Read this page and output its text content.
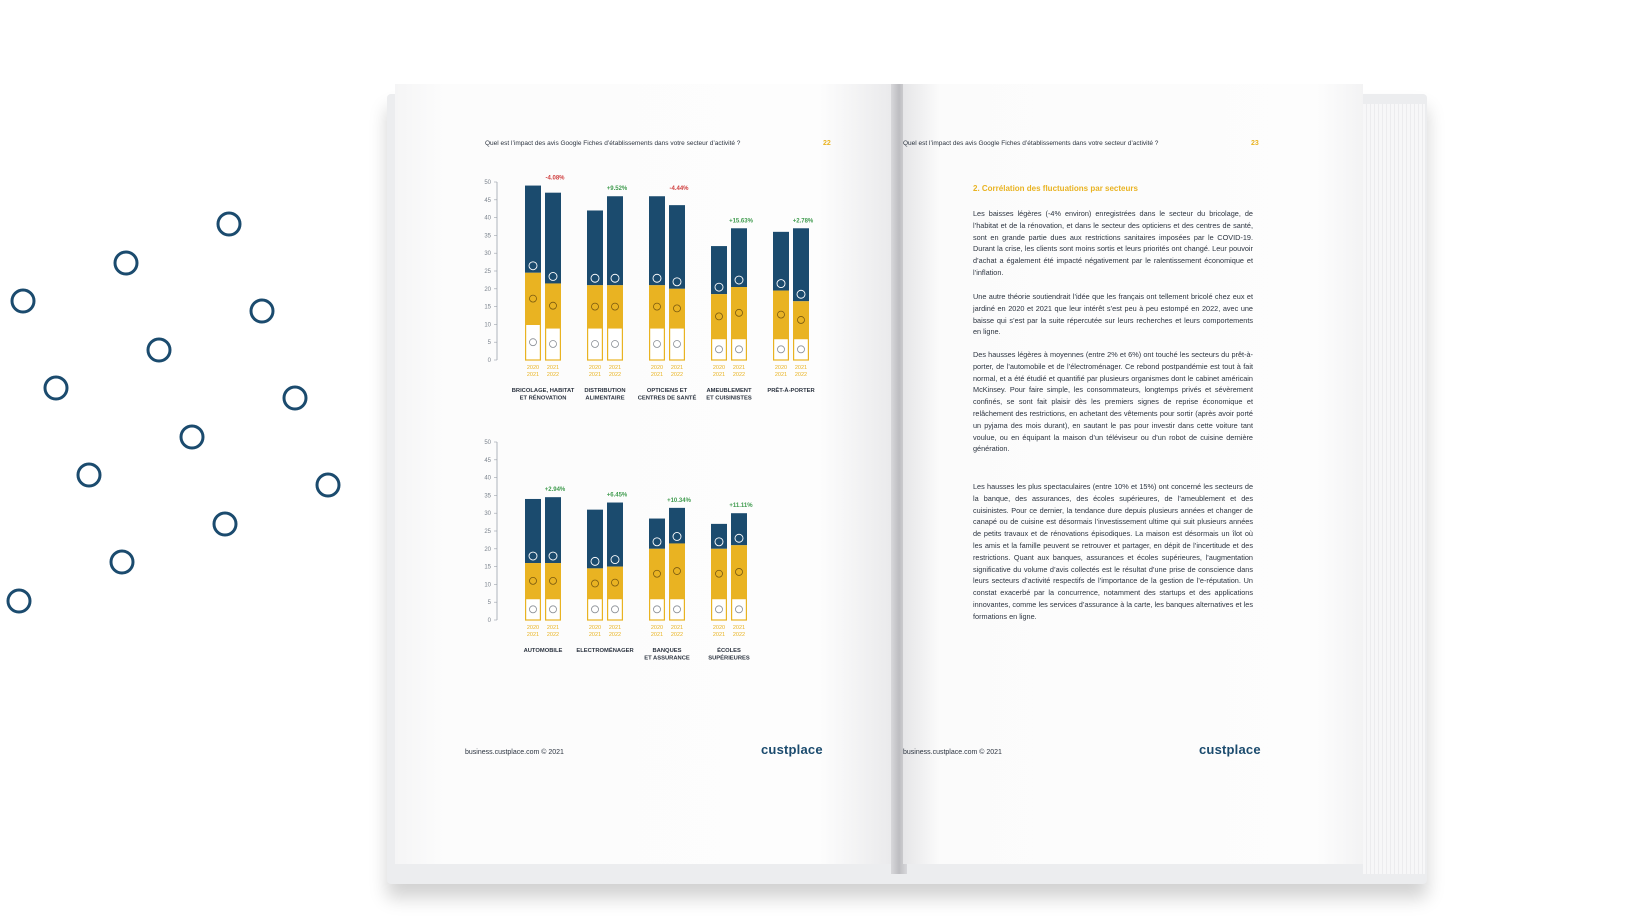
Quel est l’impact des avis Google Fiches d’établissements dans votre secteur d’activité ?	22
0
5
10
15
20
25
30
35
40
45
50
2020
2021
2021
2022
-4.08%
BRICOLAGE, HABITAT
ET RÉNOVATION
2020
2021
2021
2022
+9.52%
DISTRIBUTION
ALIMENTAIRE
2020
2021
2021
2022
-4.44%
OPTICIENS ET
CENTRES DE SANTÉ
2020
2021
2021
2022
+15.63%
AMEUBLEMENT
ET CUISINISTES
2020
2021
2021
2022
+2.78%
PRÊT-À-PORTER
0
5
10
15
20
25
30
35
40
45
50
2020
2021
2021
2022
+2.94%
AUTOMOBILE
2020
2021
2021
2022
+6.45%
ELECTROMÉNAGER
2020
2021
2021
2022
+10.34%
BANQUES
ET ASSURANCE
2020
2021
2021
2022
+11.11%
ÉCOLES
SUPÉRIEURES
business.custplace.com © 2021	custplace
Quel est l’impact des avis Google Fiches d’établissements dans votre secteur d’activité ?	23
2. Corrélation des fluctuations par secteurs

Les baisses légères (-4% environ) enregistrées dans le secteur du bricolage, de l’habitat et de la rénovation, et dans le secteur des opticiens et des centres de santé, sont en grande partie dues aux restrictions sanitaires imposées par le COVID-19. Durant la crise, les clients sont moins sortis et leurs priorités ont changé. Leur pouvoir d’achat a également été impacté négativement par le ralentissement économique et l’inflation.

Une autre théorie soutiendrait l’idée que les français ont tellement bricolé chez eux et jardiné en 2020 et 2021 que leur intérêt s’est peu à peu estompé en 2022, avec une baisse qui s’est par la suite répercutée sur leurs recherches et leurs comportements en ligne.

Des hausses légères à moyennes (entre 2% et 6%) ont touché les secteurs du prêt-à-porter, de l’automobile et de l’électroménager. Ce rebond postpandémie est tout à fait normal, et a été étudié et quantifié par plusieurs organismes dont le cabinet américain McKinsey. Pour faire simple, les consommateurs, longtemps privés et sévèrement confinés, se sont fait plaisir dès les premiers signes de reprise économique et relâchement des restrictions, en achetant des vêtements pour sortir (après avoir porté un pyjama des mois durant), en sautant le pas pour investir dans cette voiture tant voulue, ou en équipant la maison d’un téléviseur ou d’un robot de cuisine dernière génération.

Les hausses les plus spectaculaires (entre 10% et 15%) ont concerné les secteurs de la banque, des assurances, des écoles supérieures, de l’ameublement et des cuisinistes. Pour ce dernier, la tendance dure depuis plusieurs années et changer de canapé ou de cuisine est désormais l’investissement ultime qui suit plusieurs années de petits travaux et de rénovations épisodiques. La maison est désormais un îlot où les amis et la famille peuvent se retrouver et partager, en dépit de l’incertitude et des restrictions. Quant aux banques, assurances et écoles supérieures, l’augmentation significative du volume d’avis collectés est le résultat d’une prise de conscience dans leurs secteurs d’activité respectifs de l’importance de la gestion de l’e-réputation. Un constat exacerbé par la concurrence, notamment des startups et des applications innovantes, comme les services d’assurance à la carte, les banques alternatives et les formations en ligne.

business.custplace.com © 2021	custplace
